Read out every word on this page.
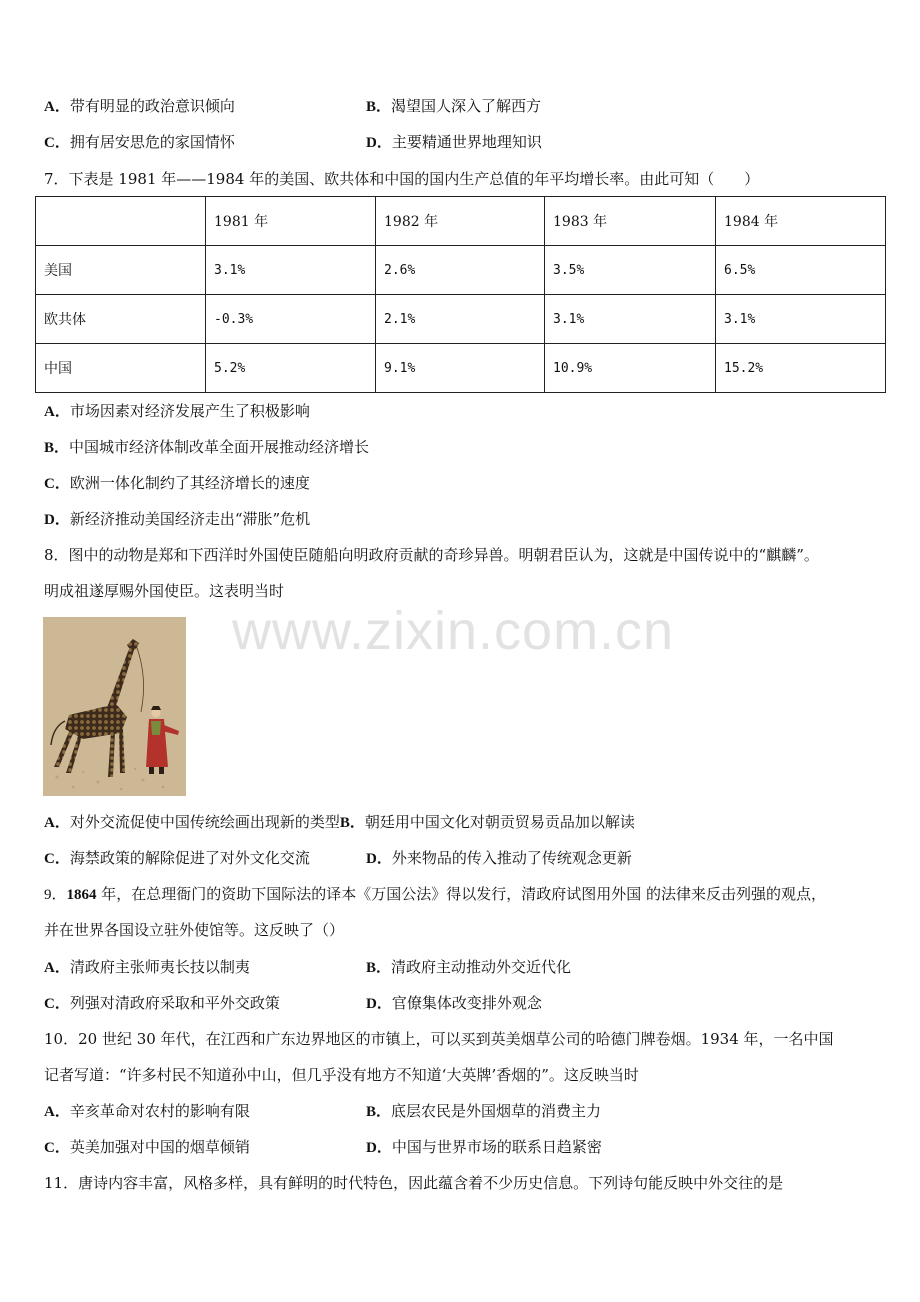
A．带有明显的政治意识倾向	B．渴望国人深入了解西方
C．拥有居安思危的家国情怀	D．主要精通世界地理知识
7．下表是 1981 年——1984 年的美国、欧共体和中国的国内生产总值的年平均增长率。由此可知（　　）
	1981 年	1982 年	1983 年	1984 年
美国	3.1%	2.6%	3.5%	6.5%
欧共体	-0.3%	2.1%	3.1%	3.1%
中国	5.2%	9.1%	10.9%	15.2%
A．市场因素对经济发展产生了积极影响
B．中国城市经济体制改革全面开展推动经济增长
C．欧洲一体化制约了其经济增长的速度
D．新经济推动美国经济走出“滞胀”危机
8．图中的动物是郑和下西洋时外国使臣随船向明政府贡献的奇珍异兽。明朝君臣认为，这就是中国传说中的“麒麟”。
明成祖遂厚赐外国使臣。这表明当时
www.zixin.com.cn
A．对外交流促使中国传统绘画出现新的类型B．朝廷用中国文化对朝贡贸易贡品加以解读
C．海禁政策的解除促进了对外文化交流	D．外来物品的传入推动了传统观念更新
9．1864 年，在总理衙门的资助下国际法的译本《万国公法》得以发行，清政府试图用外国 的法律来反击列强的观点，
并在世界各国设立驻外使馆等。这反映了（）
A．清政府主张师夷长技以制夷	B．清政府主动推动外交近代化
C．列强对清政府采取和平外交政策	D．官僚集体改变排外观念
10．20 世纪 30 年代，在江西和广东边界地区的市镇上，可以买到英美烟草公司的哈德门牌卷烟。1934 年，一名中国
记者写道：“许多村民不知道孙中山，但几乎没有地方不知道‘大英牌’香烟的”。这反映当时
A．辛亥革命对农村的影响有限	B．底层农民是外国烟草的消费主力
C．英美加强对中国的烟草倾销	D．中国与世界市场的联系日趋紧密
11．唐诗内容丰富，风格多样，具有鲜明的时代特色，因此蕴含着不少历史信息。下列诗句能反映中外交往的是
